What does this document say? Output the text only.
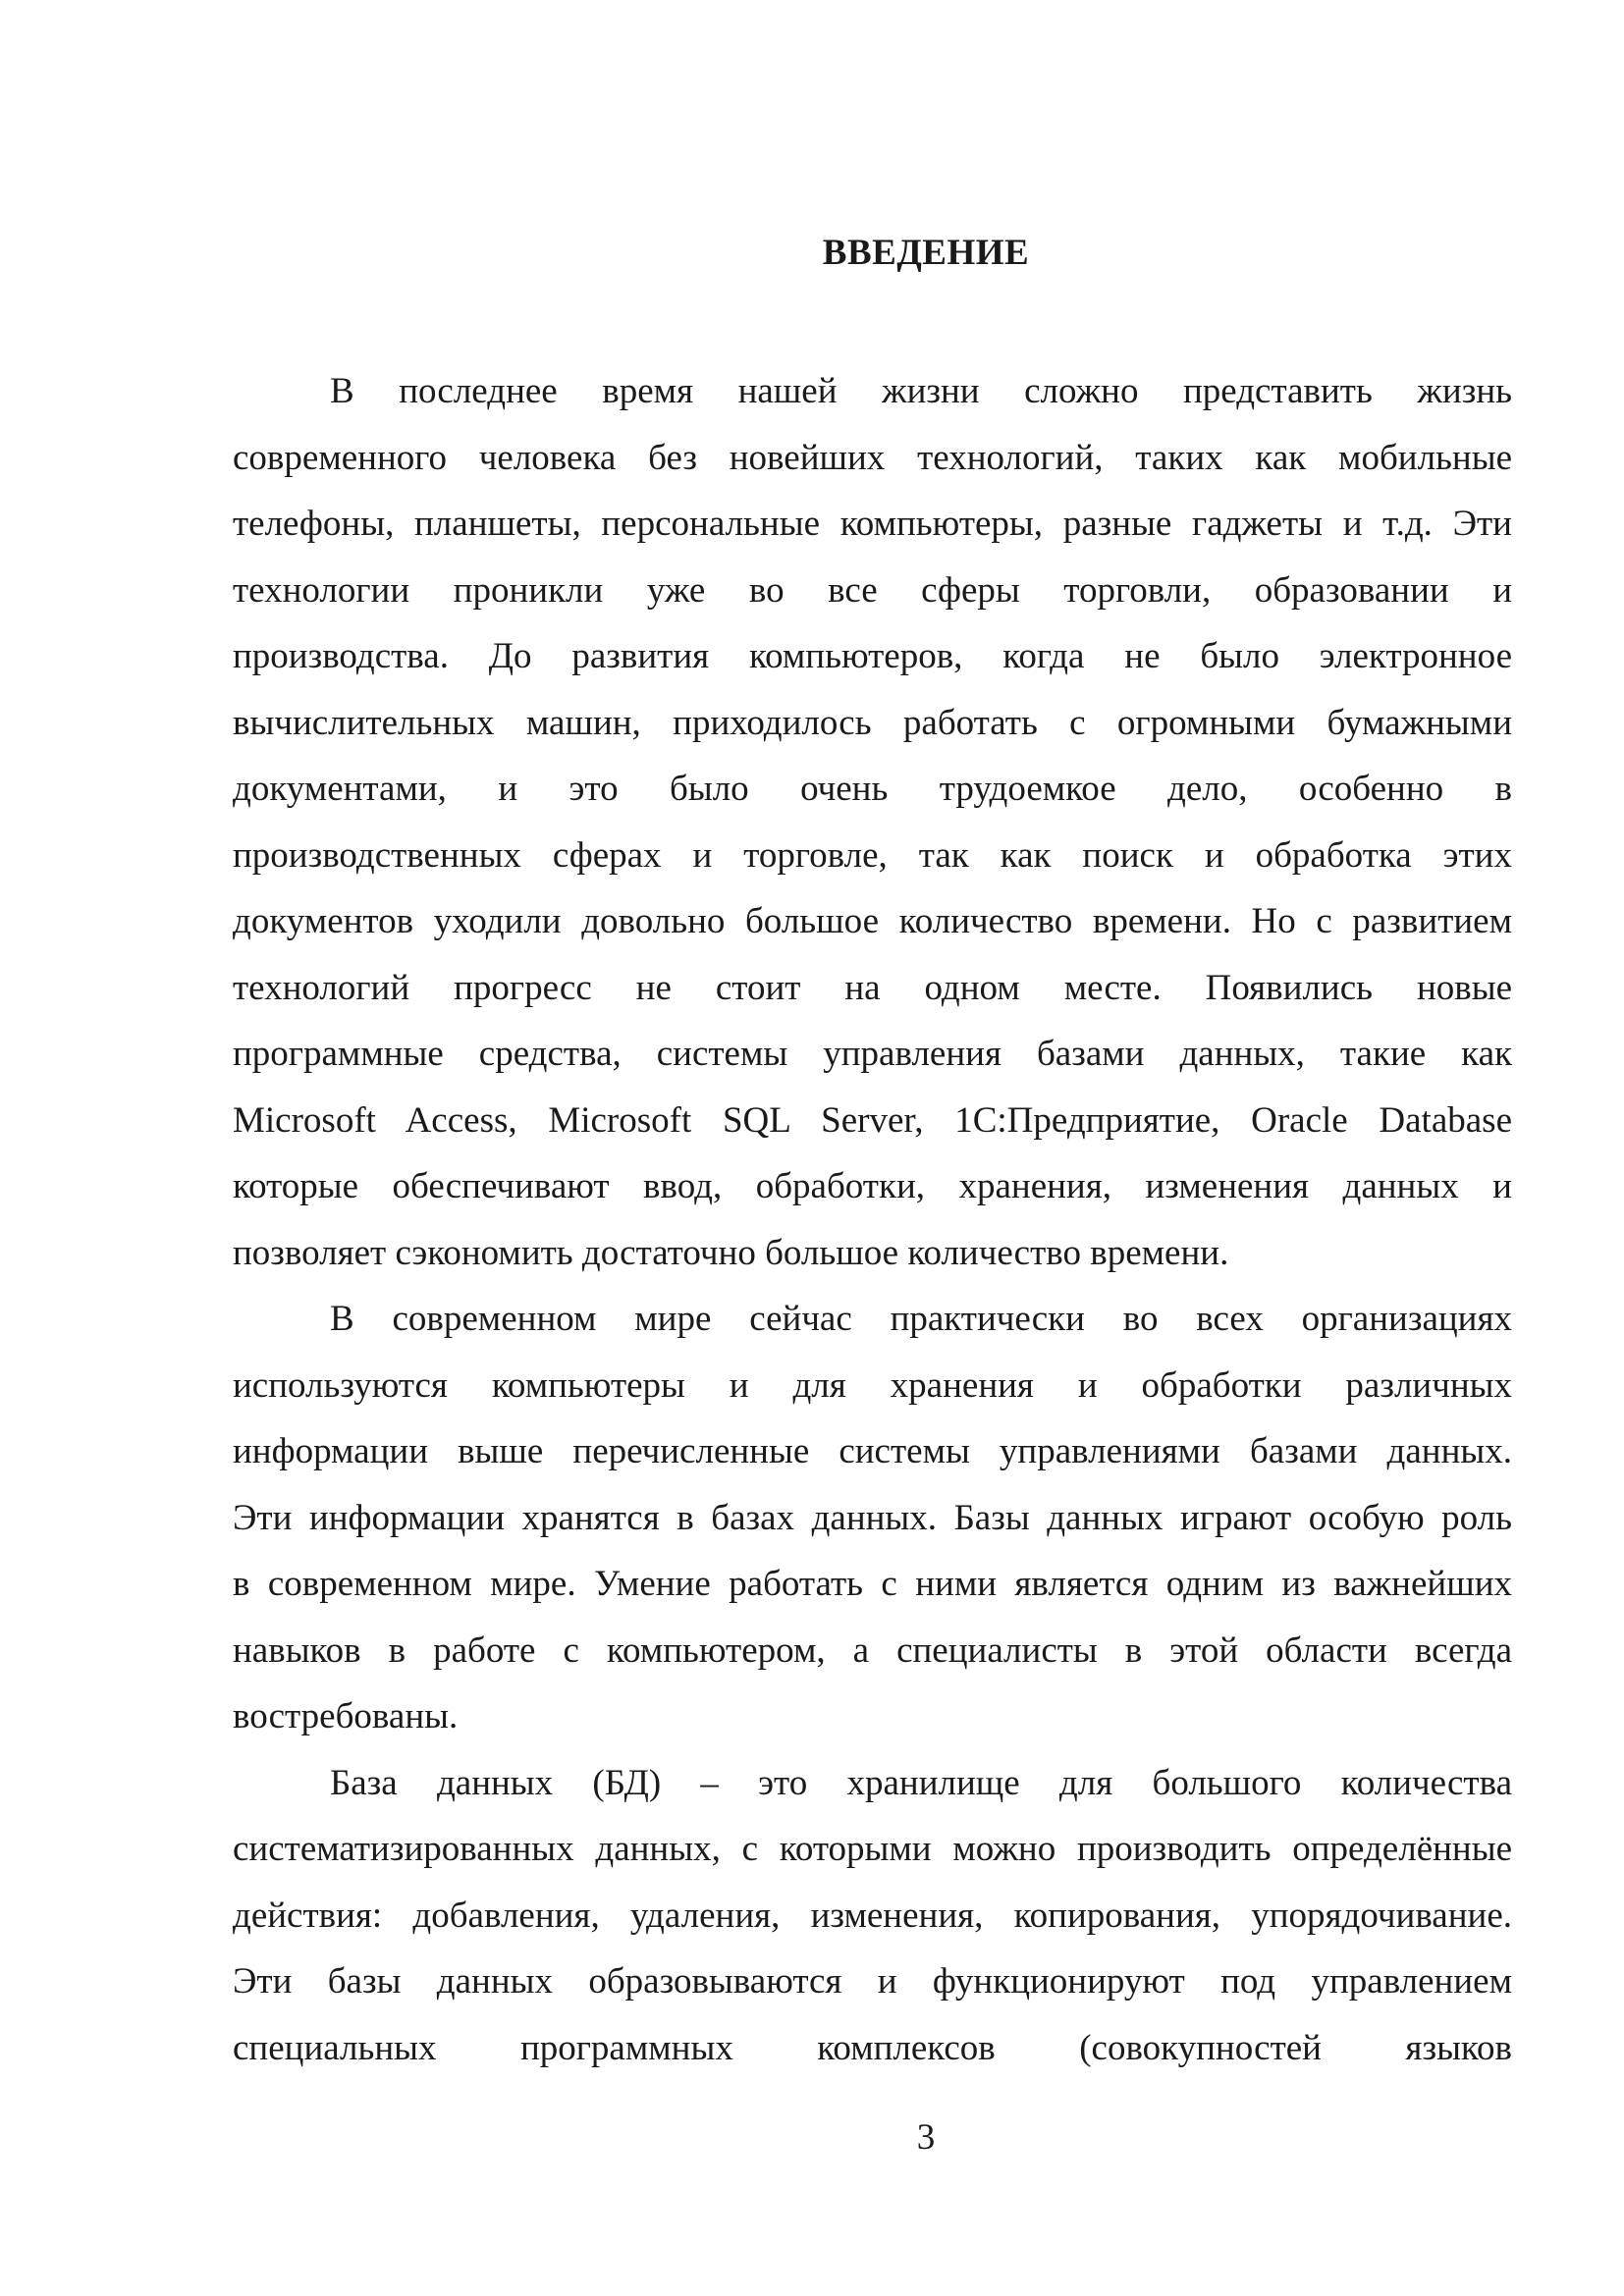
ВВЕДЕНИЕ
В последнее время нашей жизни сложно представить жизнь
современного человека без новейших технологий, таких как мобильные
телефоны, планшеты, персональные компьютеры, разные гаджеты и т.д. Эти
технологии проникли уже во все сферы торговли, образовании и
производства. До развития компьютеров, когда не было электронное
вычислительных машин, приходилось работать с огромными бумажными
документами, и это было очень трудоемкое дело, особенно в
производственных сферах и торговле, так как поиск и обработка этих
документов уходили довольно большое количество времени. Но с развитием
технологий прогресс не стоит на одном месте. Появились новые
программные средства, системы управления базами данных, такие как
Microsoft Access, Microsoft SQL Server, 1С:Предприятие, Oracle Database
которые обеспечивают ввод, обработки, хранения, изменения данных и
позволяет сэкономить достаточно большое количество времени.
В современном мире сейчас практически во всех организациях
используются компьютеры и для хранения и обработки различных
информации выше перечисленные системы управлениями базами данных.
Эти информации хранятся в базах данных. Базы данных играют особую роль
в современном мире. Умение работать с ними является одним из важнейших
навыков в работе с компьютером, а специалисты в этой области всегда
востребованы.
База данных (БД) – это хранилище для большого количества
систематизированных данных, с которыми можно производить определённые
действия: добавления, удаления, изменения, копирования, упорядочивание.
Эти базы данных образовываются и функционируют под управлением
специальных программных комплексов (совокупностей языков
3
